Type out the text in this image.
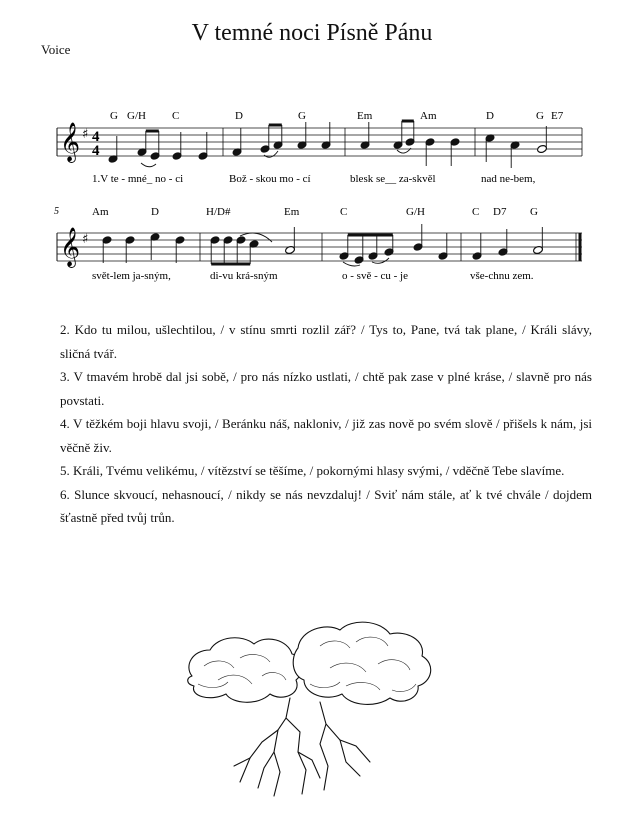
V temné noci Písně Pánu
Voice
𝄞 ♯ 4
4
G G/H C	D	G	Em	Am	D	G E7
1.V te - mné_ no - ci	Bož - skou mo - cí	blesk se__ za-skvěl	nad ne-bem,
5
𝄞 ♯
Am	D	H/D#	Em	C	G/H	C D7 G
svět-lem ja-sným,	di-vu krá-sným	o - svě - cu - je	vše-chnu zem.

2. Kdo tu milou, ušlechtilou, / v stínu smrti rozlil zář? / Tys to, Pane, tvá tak plane, / Králi slávy, sličná tvář.

3. V tmavém hrobě dal jsi sobě, / pro nás nízko ustlati, / chtě pak zase v plné kráse, / slavně pro nás povstati.

4. V těžkém boji hlavu svoji, / Beránku náš, nakloniv, / již zas nově po svém slově / přišels k nám, jsi věčně živ.

5. Králi, Tvému velikému, / vítězství se těšíme, / pokornými hlasy svými, / vděčně Tebe slavíme.

6. Slunce skvoucí, nehasnoucí, / nikdy se nás nevzdaluj! / Sviť nám stále, ať k tvé chvále / dojdem šťastně před tvůj trůn.
